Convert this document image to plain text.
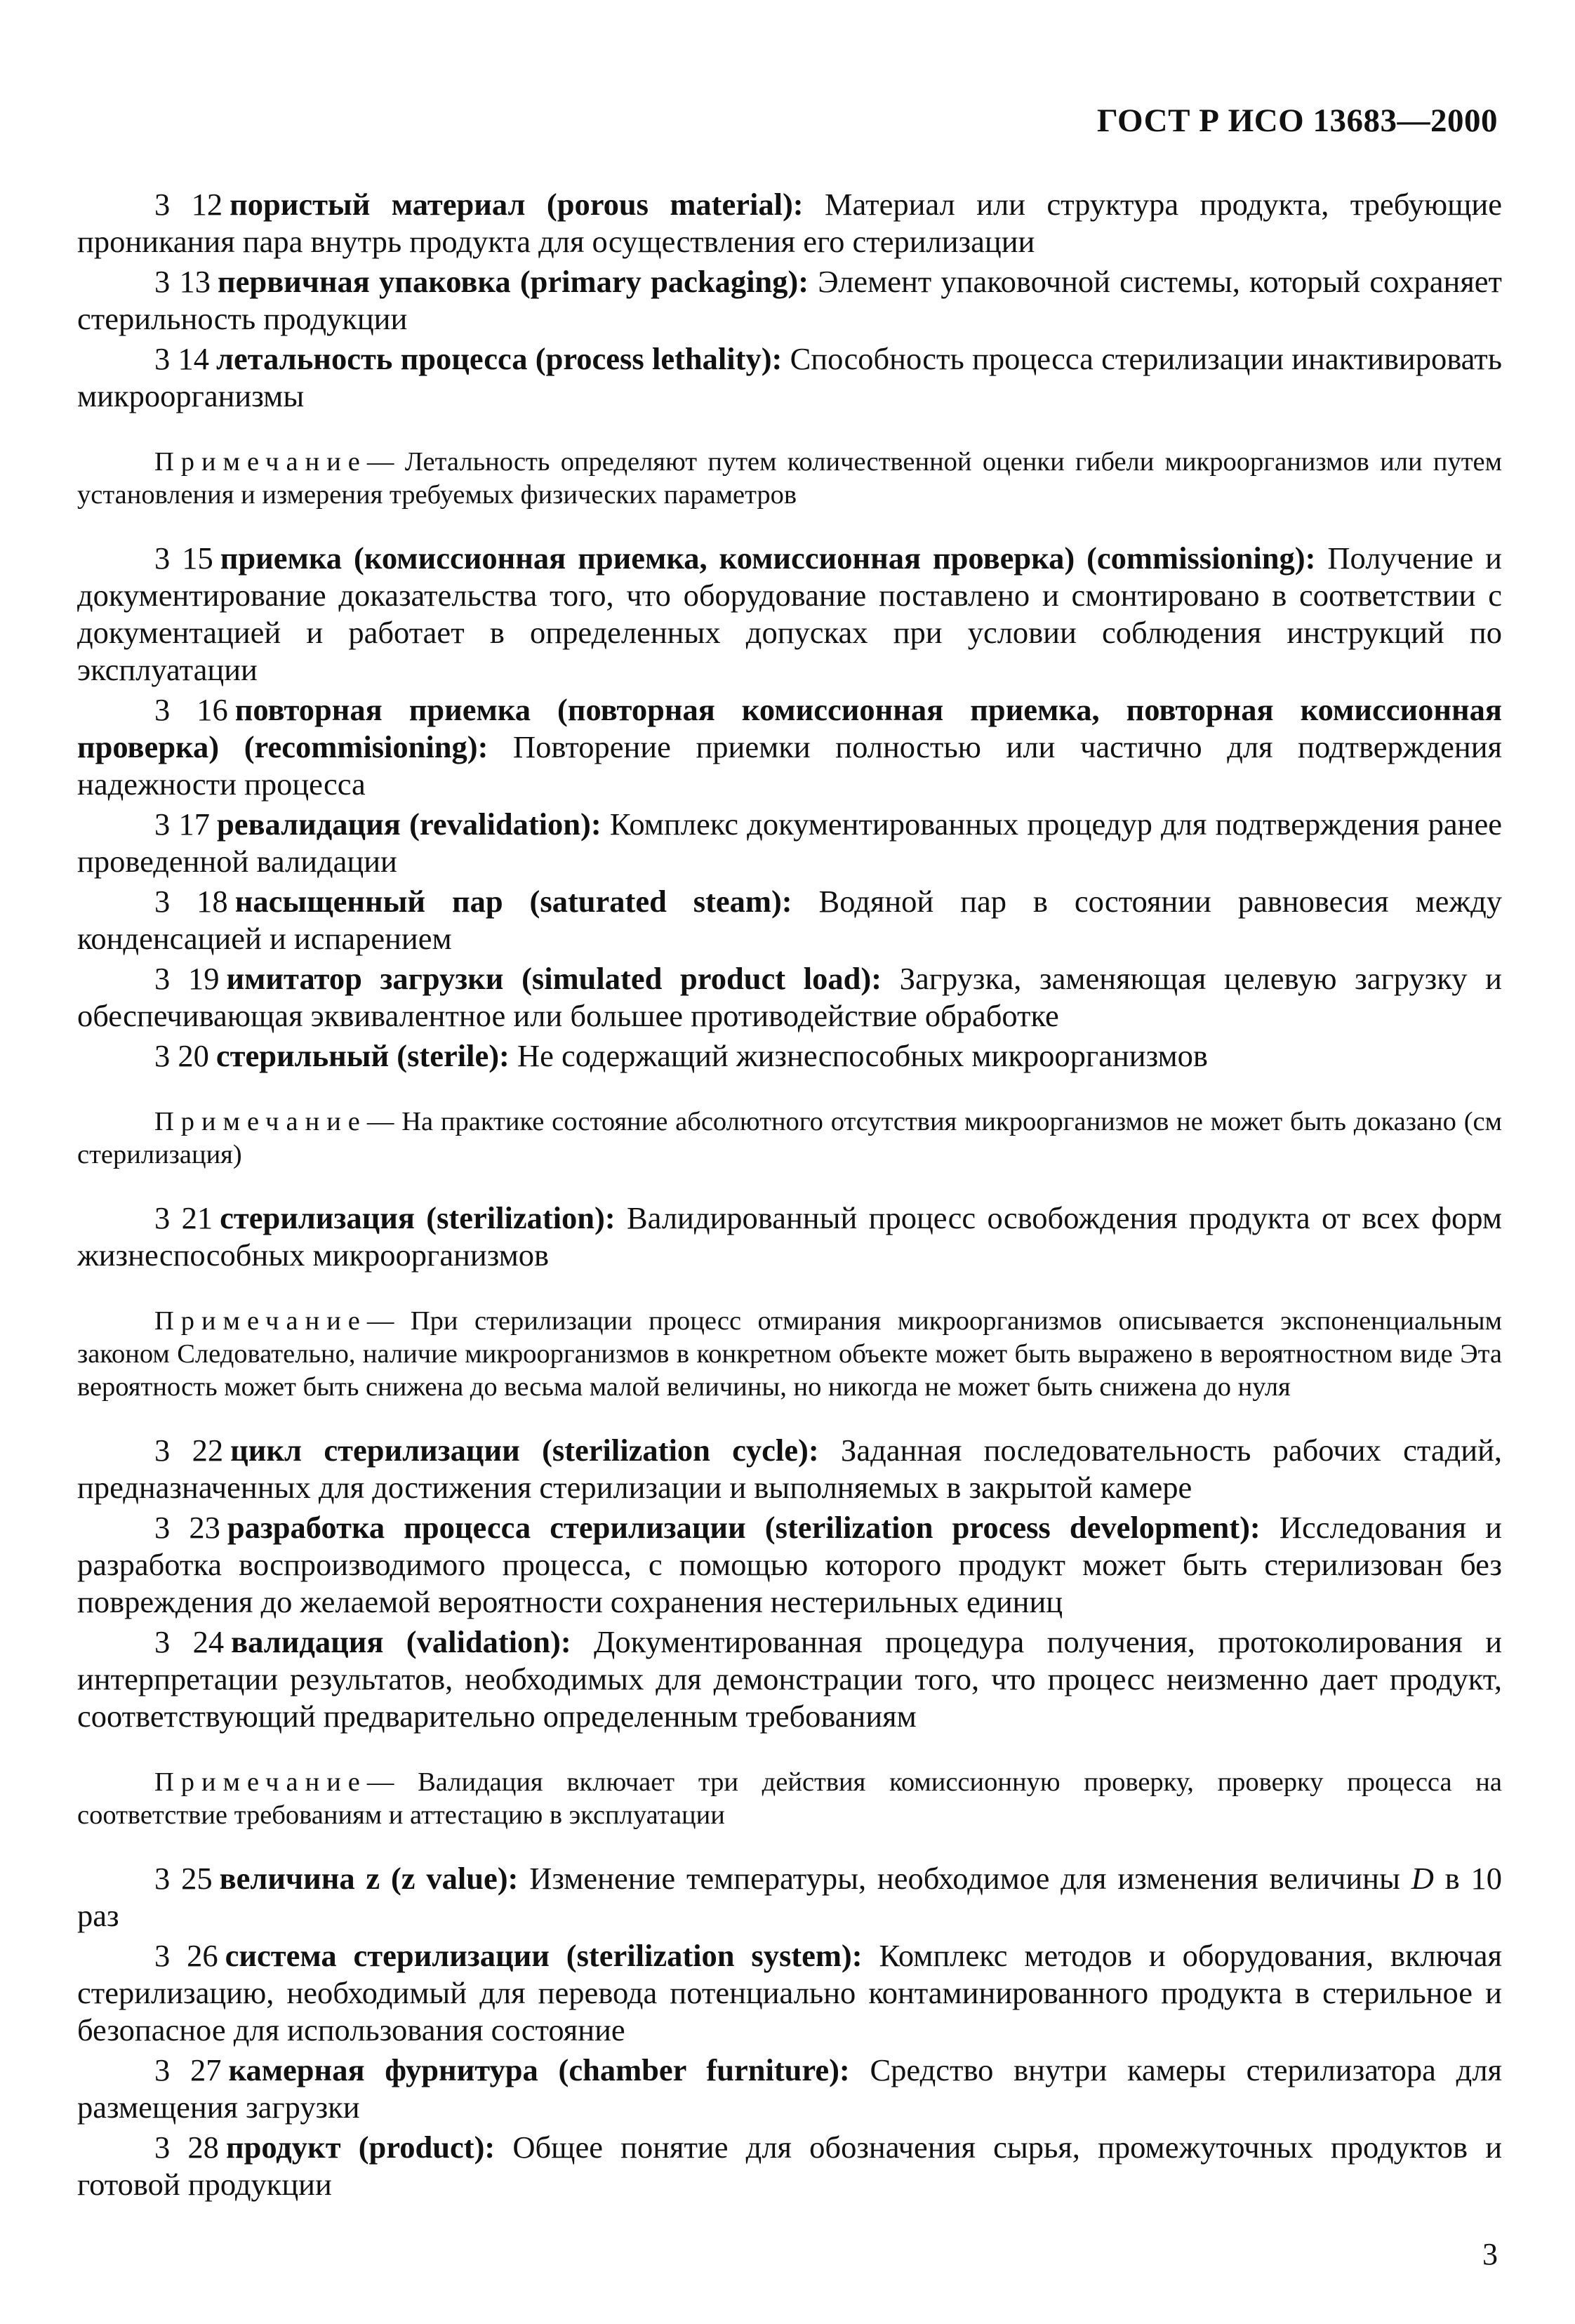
ГОСТ Р ИСО 13683—2000

3 12 пористый материал (porous material): Материал или структура продукта, требующие проникания пара внутрь продукта для осуществления его стерилизации

3 13 первичная упаковка (primary packaging): Элемент упаковочной системы, который сохраняет стерильность продукции

3 14 летальность процесса (process lethality): Способность процесса стерилизации инактивировать микроорганизмы

Примечание— Летальность определяют путем количественной оценки гибели микроорганизмов или путем установления и измерения требуемых физических параметров

3 15 приемка (комиссионная приемка, комиссионная проверка) (commissioning): Получение и документирование доказательства того, что оборудование поставлено и смонтировано в соответствии с документацией и работает в определенных допусках при условии соблюдения инструкций по эксплуатации

3 16 повторная приемка (повторная комиссионная приемка, повторная комиссионная проверка) (recommisioning): Повторение приемки полностью или частично для подтверждения надежности процесса

3 17 ревалидация (revalidation): Комплекс документированных процедур для подтверждения ранее проведенной валидации

3 18 насыщенный пар (saturated steam): Водяной пар в состоянии равновесия между конденсацией и испарением

3 19 имитатор загрузки (simulated product load): Загрузка, заменяющая целевую загрузку и обеспечивающая эквивалентное или большее противодействие обработке

3 20 стерильный (sterile): Не содержащий жизнеспособных микроорганизмов

Примечание— На практике состояние абсолютного отсутствия микроорганизмов не может быть доказано (см стерилизация)

3 21 стерилизация (sterilization): Валидированный процесс освобождения продукта от всех форм жизнеспособных микроорганизмов

Примечание— При стерилизации процесс отмирания микроорганизмов описывается экспоненциальным законом Следовательно, наличие микроорганизмов в конкретном объекте может быть выражено в вероятностном виде Эта вероятность может быть снижена до весьма малой величины, но никогда не может быть снижена до нуля

3 22 цикл стерилизации (sterilization cycle): Заданная последовательность рабочих стадий, предназначенных для достижения стерилизации и выполняемых в закрытой камере

3 23 разработка процесса стерилизации (sterilization process development): Исследования и разработка воспроизводимого процесса, с помощью которого продукт может быть стерилизован без повреждения до желаемой вероятности сохранения нестерильных единиц

3 24 валидация (validation): Документированная процедура получения, протоколирования и интерпретации результатов, необходимых для демонстрации того, что процесс неизменно дает продукт, соответствующий предварительно определенным требованиям

Примечание— Валидация включает три действия комиссионную проверку, проверку процесса на соответствие требованиям и аттестацию в эксплуатации

3 25 величина z (z value): Изменение температуры, необходимое для изменения величины D в 10 раз

3 26 система стерилизации (sterilization system): Комплекс методов и оборудования, включая стерилизацию, необходимый для перевода потенциально контаминированного продукта в стерильное и безопасное для использования состояние

3 27 камерная фурнитура (chamber furniture): Средство внутри камеры стерилизатора для размещения загрузки

3 28 продукт (product): Общее понятие для обозначения сырья, промежуточных продуктов и готовой продукции

3
